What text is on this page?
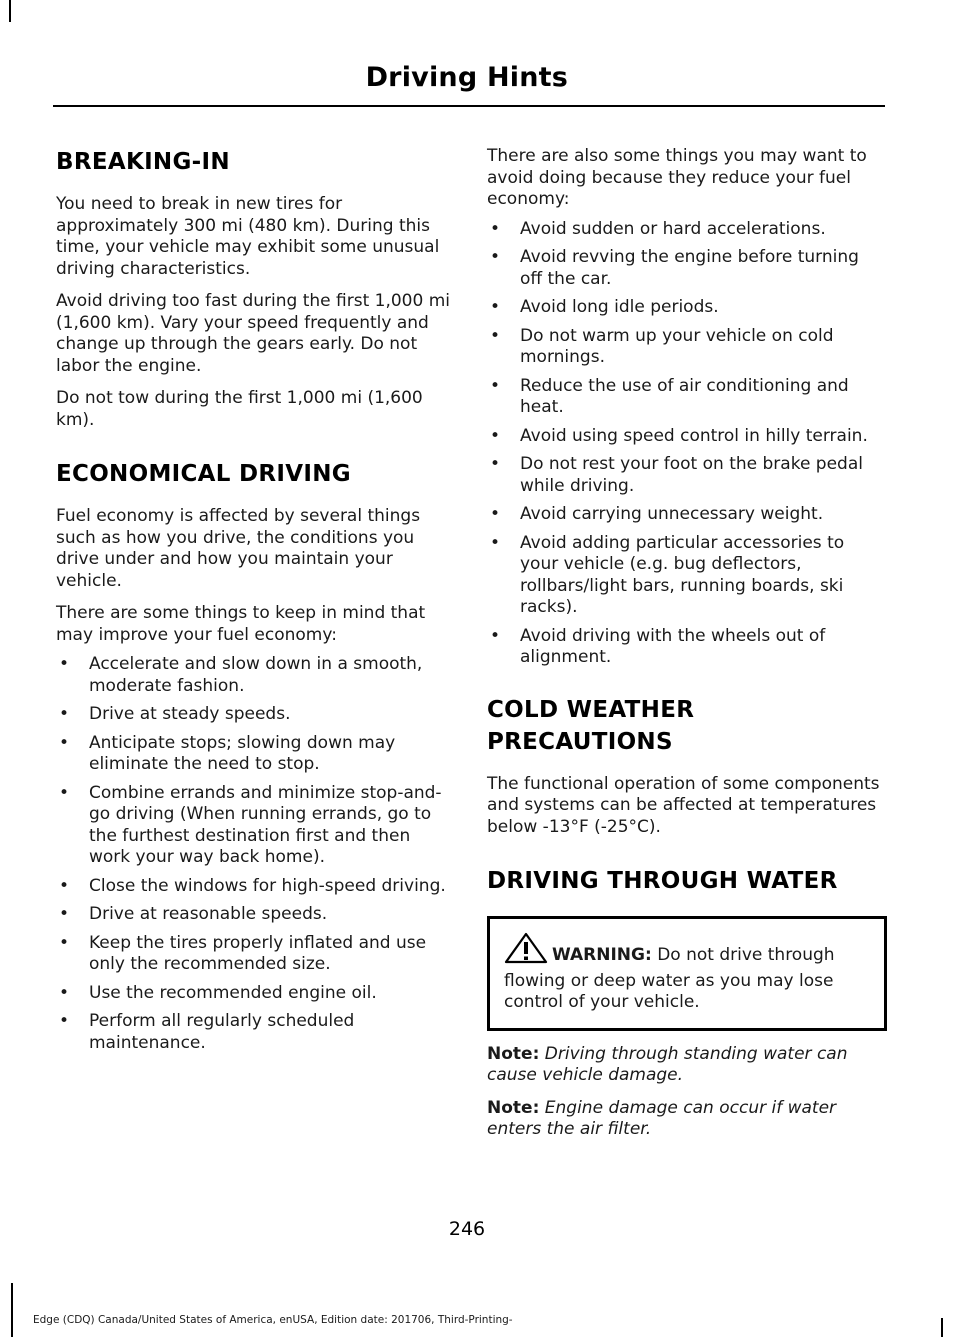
Driving Hints
BREAKING-IN

You need to break in new tires for approximately 300 mi (480 km). During this time, your vehicle may exhibit some unusual driving characteristics.

Avoid driving too fast during the first 1,000 mi (1,600 km). Vary your speed frequently and change up through the gears early. Do not labor the engine.

Do not tow during the first 1,000 mi (1,600 km).

ECONOMICAL DRIVING

Fuel economy is affected by several things such as how you drive, the conditions you drive under and how you maintain your vehicle.

There are some things to keep in mind that may improve your fuel economy:

• Accelerate and slow down in a smooth, moderate fashion.
• Drive at steady speeds.
• Anticipate stops; slowing down may eliminate the need to stop.
• Combine errands and minimize stop-and-go driving (When running errands, go to the furthest destination first and then work your way back home).
• Close the windows for high-speed driving.
• Drive at reasonable speeds.
• Keep the tires properly inflated and use only the recommended size.
• Use the recommended engine oil.
• Perform all regularly scheduled maintenance.

There are also some things you may want to avoid doing because they reduce your fuel economy:

• Avoid sudden or hard accelerations.
• Avoid revving the engine before turning off the car.
• Avoid long idle periods.
• Do not warm up your vehicle on cold mornings.
• Reduce the use of air conditioning and heat.
• Avoid using speed control in hilly terrain.
• Do not rest your foot on the brake pedal while driving.
• Avoid carrying unnecessary weight.
• Avoid adding particular accessories to your vehicle (e.g. bug deflectors, rollbars/light bars, running boards, ski racks).
• Avoid driving with the wheels out of alignment.
COLD WEATHER
PRECAUTIONS

The functional operation of some components and systems can be affected at temperatures below -13°F (-25°C).

DRIVING THROUGH WATER

WARNING: Do not drive through flowing or deep water as you may lose control of your vehicle.

Note: Driving through standing water can cause vehicle damage.

Note: Engine damage can occur if water enters the air filter.

246
Edge (CDQ) Canada/United States of America, enUSA, Edition date: 201706, Third-Printing-
